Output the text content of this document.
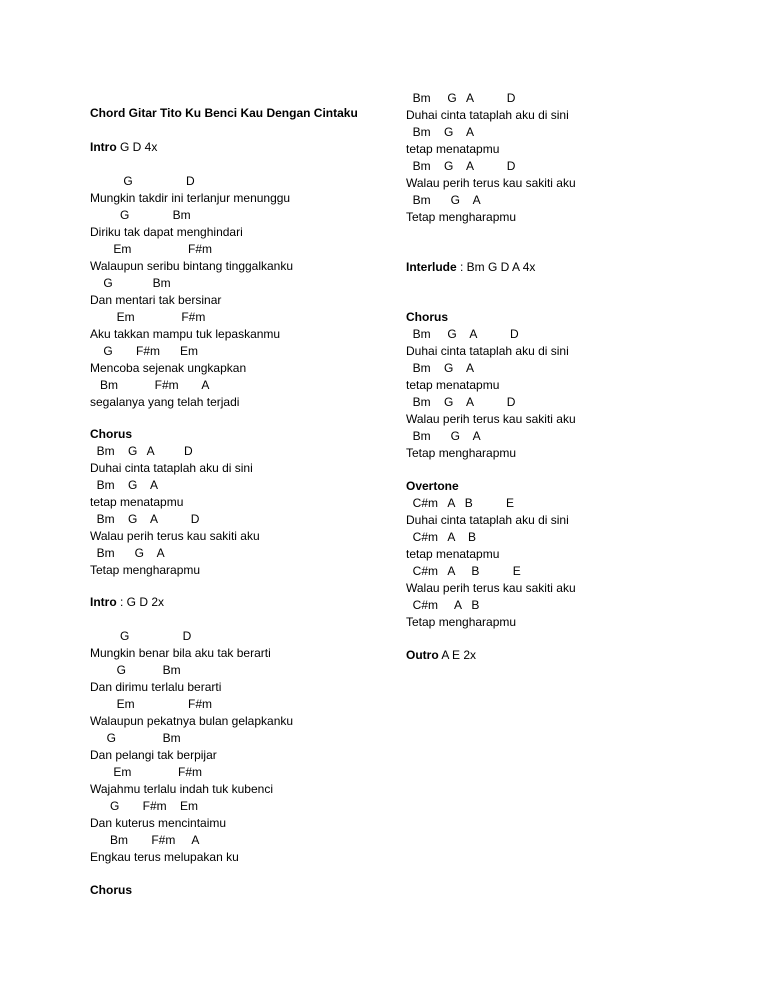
Chord Gitar Tito Ku Benci Kau Dengan Cintaku
Intro G D 4x
G                D
Mungkin takdir ini terlanjur menunggu
G             Bm
Diriku tak dapat menghindari
Em                 F#m
Walaupun seribu bintang tinggalkanku
G            Bm
Dan mentari tak bersinar
Em              F#m
Aku takkan mampu tuk lepaskanmu
G       F#m      Em
Mencoba sejenak ungkapkan
Bm           F#m       A
segalanya yang telah terjadi
Chorus
Bm    G   A         D
Duhai cinta tataplah aku di sini
Bm    G    A
tetap menatapmu
Bm    G    A          D
Walau perih terus kau sakiti aku
Bm      G    A
Tetap mengharapmu
Intro : G D 2x
G                D
Mungkin benar bila aku tak berarti
G           Bm
Dan dirimu terlalu berarti
Em                F#m
Walaupun pekatnya bulan gelapkanku
G              Bm
Dan pelangi tak berpijar
Em              F#m
Wajahmu terlalu indah tuk kubenci
G       F#m    Em
Dan kuterus mencintaimu
Bm       F#m     A
Engkau terus melupakan ku
Chorus
Bm     G   A          D
Duhai cinta tataplah aku di sini
Bm    G    A
tetap menatapmu
Bm    G    A          D
Walau perih terus kau sakiti aku
Bm      G    A
Tetap mengharapmu
Interlude : Bm G D A 4x
Chorus
Bm     G    A          D
Duhai cinta tataplah aku di sini
Bm    G    A
tetap menatapmu
Bm    G    A          D
Walau perih terus kau sakiti aku
Bm      G    A
Tetap mengharapmu
Overtone
C#m   A   B          E
Duhai cinta tataplah aku di sini
C#m   A    B
tetap menatapmu
C#m   A     B          E
Walau perih terus kau sakiti aku
C#m     A   B
Tetap mengharapmu
Outro A E 2x
